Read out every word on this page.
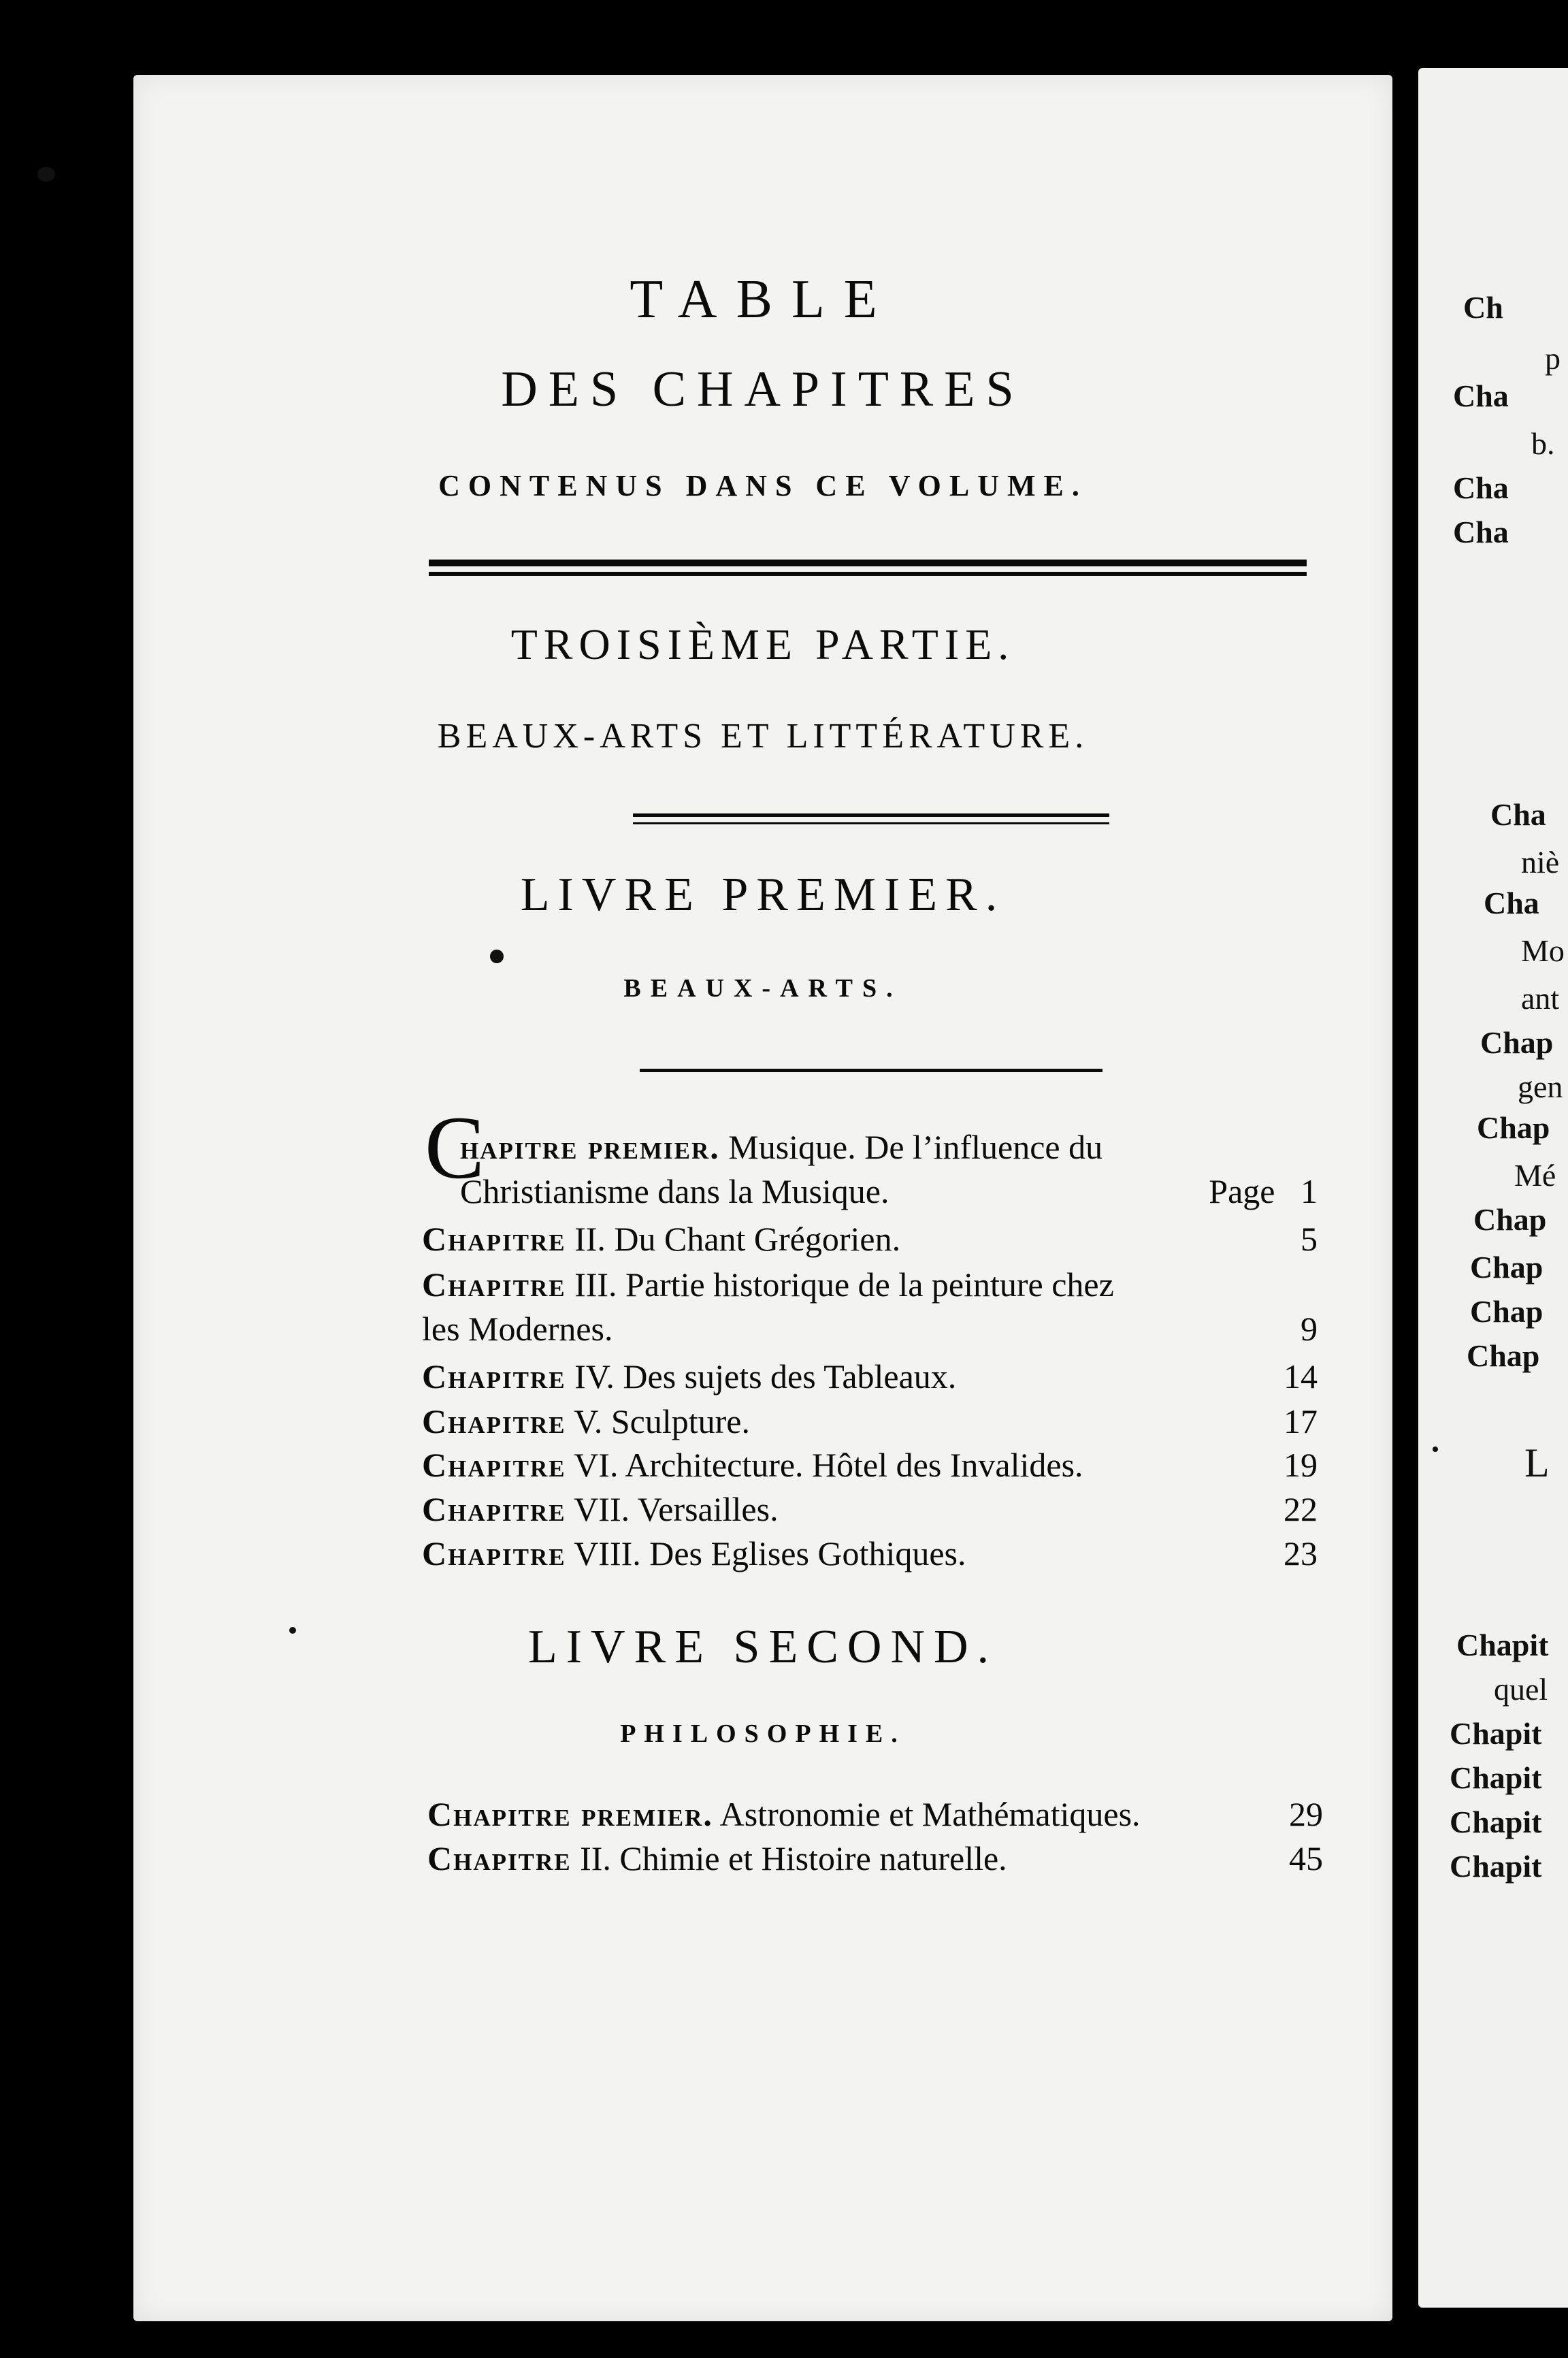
Ch
p
Cha
b.
Cha
Cha
Cha
niè
Cha
Mo
ant
Chap
gen
Chap
Mé
Chap
Chap
Chap
Chap
L
Chapit
quel
Chapit
Chapit
Chapit
Chapit
TABLE
DES CHAPITRES
CONTENUS DANS CE VOLUME.
TROISIÈME PARTIE.
BEAUX-ARTS ET LITTÉRATURE.
LIVRE PREMIER.
BEAUX-ARTS.
C
hapitre premier. Musique. De l’influence du
Christianisme dans la Musique.	Page 1
Chapitre II. Du Chant Grégorien.	5
Chapitre III. Partie historique de la peinture chez
les Modernes.	9
Chapitre IV. Des sujets des Tableaux.	14
Chapitre V. Sculpture.	17
Chapitre VI. Architecture. Hôtel des Invalides.	19
Chapitre VII. Versailles.	22
Chapitre VIII. Des Eglises Gothiques.	23
LIVRE SECOND.
PHILOSOPHIE.
Chapitre premier. Astronomie et Mathématiques.	29
Chapitre II. Chimie et Histoire naturelle.	45
